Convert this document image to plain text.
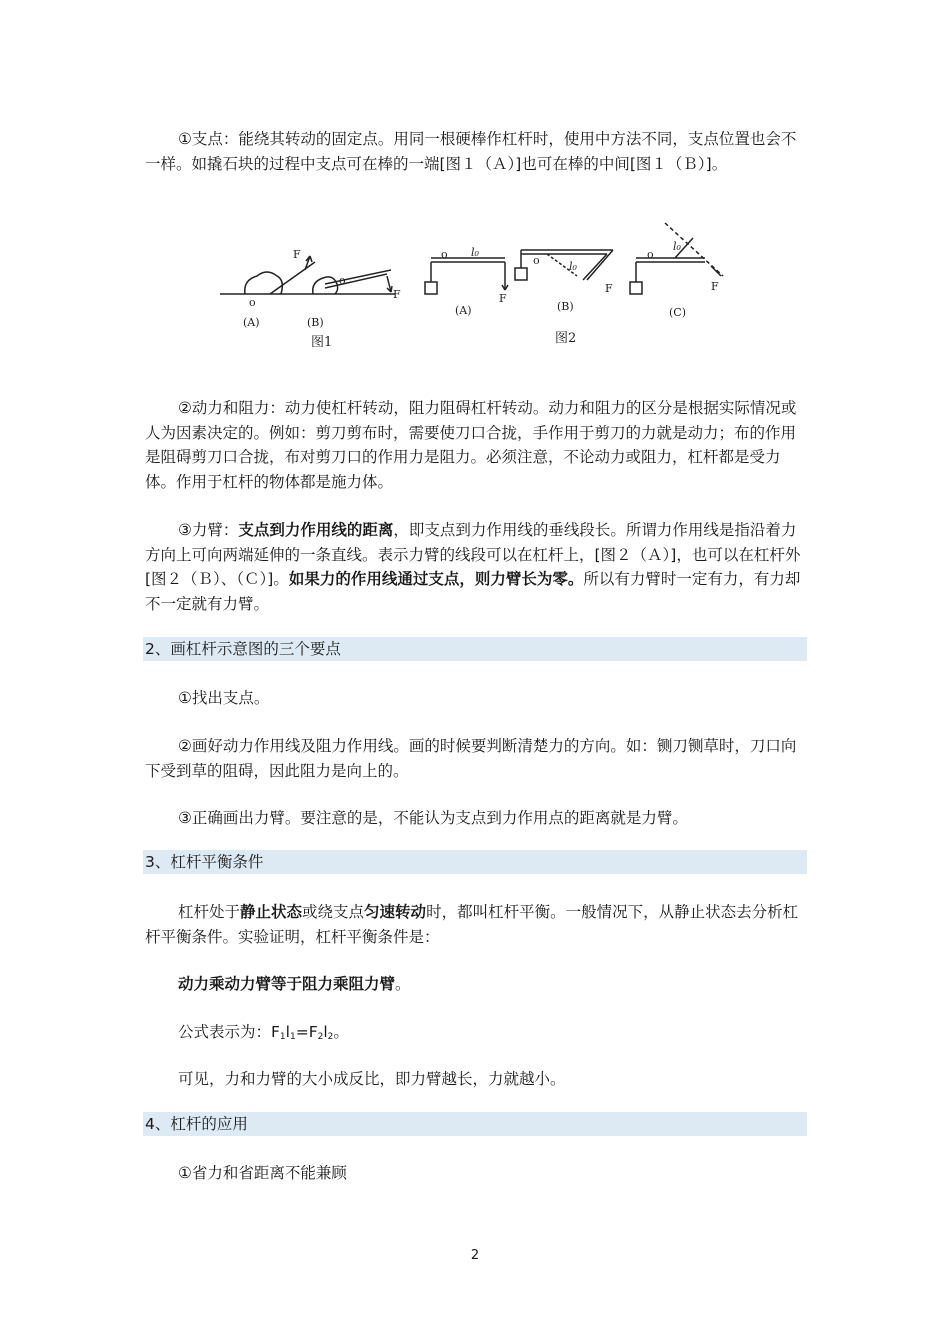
①支点：能绕其转动的固定点。用同一根硬棒作杠杆时，使用中方法不同，支点位置也会不一样。如撬石块的过程中支点可在棒的一端[图１（Ａ）]也可在棒的中间[图１（Ｂ）]。

o
F
o
F
(A)	(B)
图1
o l₀
F
(A)
o	l₀
F
(B)
图2
o
l₀
F
(C)

②动力和阻力：动力使杠杆转动，阻力阻碍杠杆转动。动力和阻力的区分是根据实际情况或人为因素决定的。例如：剪刀剪布时，需要使刀口合拢，手作用于剪刀的力就是动力；布的作用是阻碍剪刀口合拢，布对剪刀口的作用力是阻力。必须注意，不论动力或阻力，杠杆都是受力体。作用于杠杆的物体都是施力体。

③力臂：支点到力作用线的距离，即支点到力作用线的垂线段长。所谓力作用线是指沿着力方向上可向两端延伸的一条直线。表示力臂的线段可以在杠杆上，[图２（Ａ）]，也可以在杠杆外[图２（Ｂ）、（Ｃ）]。如果力的作用线通过支点，则力臂长为零。所以有力臂时一定有力，有力却不一定就有力臂。

2、画杠杆示意图的三个要点

①找出支点。

②画好动力作用线及阻力作用线。画的时候要判断清楚力的方向。如：铡刀铡草时，刀口向下受到草的阻碍，因此阻力是向上的。

③正确画出力臂。要注意的是，不能认为支点到力作用点的距离就是力臂。

3、杠杆平衡条件

杠杆处于静止状态或绕支点匀速转动时，都叫杠杆平衡。一般情况下，从静止状态去分析杠杆平衡条件。实验证明，杠杆平衡条件是：

动力乘动力臂等于阻力乘阻力臂。

公式表示为：$F_1l_1=F_2l_2$。

可见，力和力臂的大小成反比，即力臂越长，力就越小。

4、杠杆的应用

①省力和省距离不能兼顾

2
